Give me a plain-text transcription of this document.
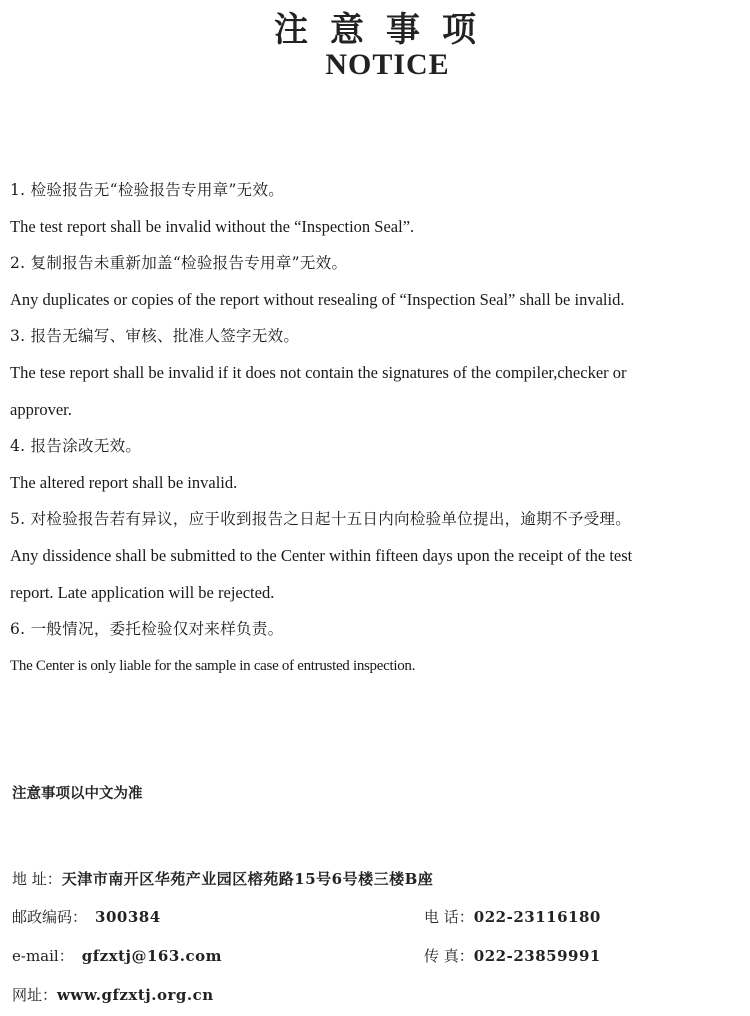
注意事项
NOTICE
1. 检验报告无“检验报告专用章”无效。
The test report shall be invalid without the “Inspection Seal”.
2. 复制报告未重新加盖“检验报告专用章”无效。
Any duplicates or copies of the report without resealing of “Inspection Seal” shall be invalid.
3. 报告无编写、审核、批准人签字无效。
The tese report shall be invalid if it does not contain the signatures of the compiler,checker or
approver.
4. 报告涂改无效。
The altered report shall be invalid.
5. 对检验报告若有异议，应于收到报告之日起十五日内向检验单位提出，逾期不予受理。
Any dissidence shall be submitted to the Center within fifteen days upon the receipt of the test
report. Late application will be rejected.
6. 一般情况，委托检验仅对来样负责。
The Center is only liable for the sample in case of entrusted inspection.
注意事项以中文为准
地 址：天津市南开区华苑产业园区榕苑路15号6号楼三楼B座
邮政编码： 300384	电 话：022-23116180
e-mail： gfzxtj@163.com	传 真：022-23859991
网址：www.gfzxtj.org.cn
